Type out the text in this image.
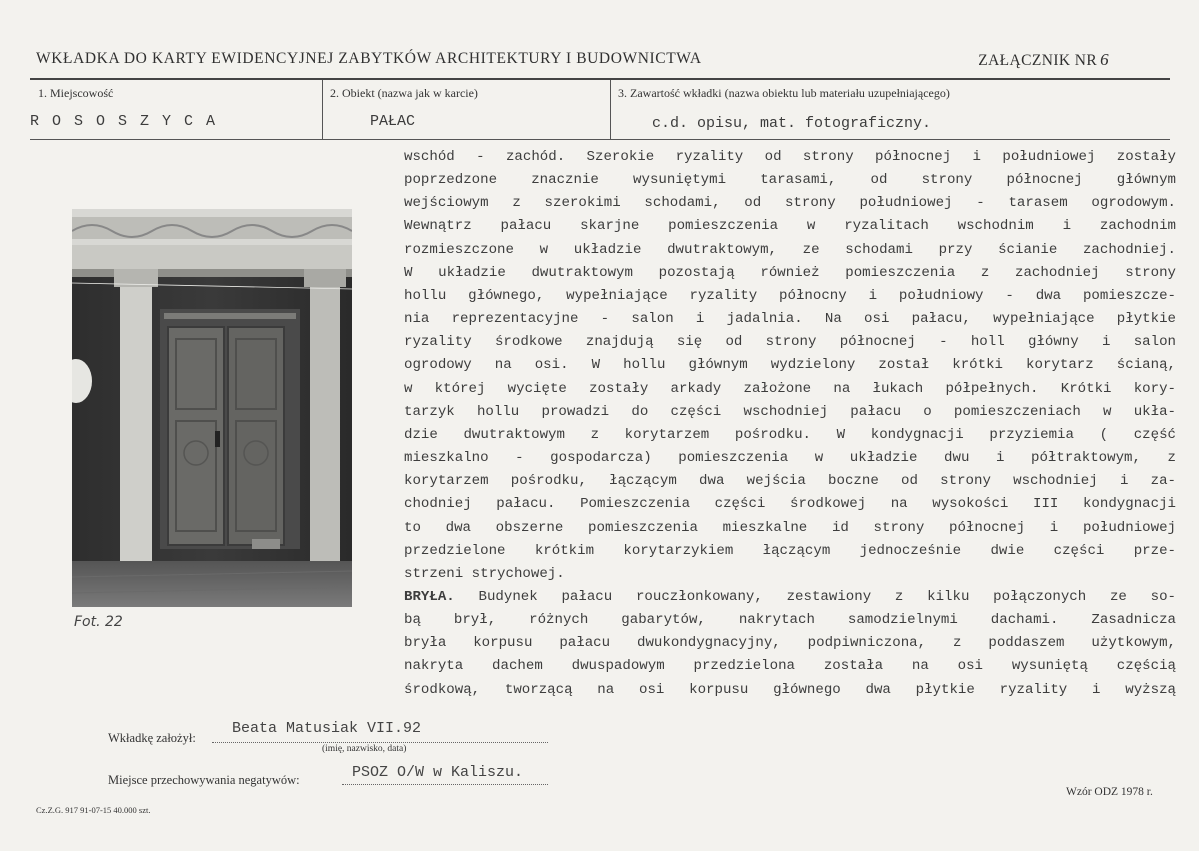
WKŁADKA DO KARTY EWIDENCYJNEJ ZABYTKÓW ARCHITEKTURY I BUDOWNICTWA	ZAŁĄCZNIK NR 6
1. Miejscowość
R O S O S Z Y C A
2. Obiekt (nazwa jak w karcie)
PAŁAC
3. Zawartość wkładki (nazwa obiektu lub materiału uzupełniającego)
c.d. opisu, mat. fotograficzny.
Fot. 22
wschód - zachód. Szerokie ryzality od strony północnej i południowej zostały
poprzedzone znacznie wysuniętymi tarasami, od strony północnej głównym
wejściowym z szerokimi schodami, od strony południowej - tarasem ogrodowym.
Wewnątrz pałacu skarjne pomieszczenia w ryzalitach wschodnim i zachodnim
rozmieszczone w układzie dwutraktowym, ze schodami przy ścianie zachodniej.
W układzie dwutraktowym pozostają również pomieszczenia z zachodniej strony
hollu głównego, wypełniające ryzality północny i południowy - dwa pomieszcze-
nia reprezentacyjne - salon i jadalnia. Na osi pałacu, wypełniające płytkie
ryzality środkowe znajdują się od strony północnej - holl główny i salon
ogrodowy na osi. W hollu głównym wydzielony został krótki korytarz ścianą,
w której wycięte zostały arkady założone na łukach półpełnych. Krótki kory-
tarzyk hollu prowadzi do części wschodniej pałacu o pomieszczeniach w ukła-
dzie dwutraktowym z korytarzem pośrodku. W kondygnacji przyziemia ( część
mieszkalno - gospodarcza) pomieszczenia w układzie dwu i półtraktowym, z
korytarzem pośrodku, łączącym dwa wejścia boczne od strony wschodniej i za-
chodniej pałacu. Pomieszczenia części środkowej na wysokości III kondygnacji
to dwa obszerne pomieszczenia mieszkalne id strony północnej i południowej
przedzielone krótkim korytarzykiem łączącym jednocześnie dwie części prze-
strzeni strychowej.
BRYŁA. Budynek pałacu rouczłonkowany, zestawiony z kilku połączonych ze so-
bą brył, różnych gabarytów, nakrytach samodzielnymi dachami. Zasadnicza
bryła korpusu pałacu dwukondygnacyjny, podpiwniczona, z poddaszem użytkowym,
nakryta dachem dwuspadowym przedzielona została na osi wysuniętą częścią
środkową, tworzącą na osi korpusu głównego dwa płytkie ryzality i wyższą
Wkładkę założył:
Beata Matusiak VII.92
(imię, nazwisko, data)
Miejsce przechowywania negatywów:	PSOZ O/W w Kaliszu.
Wzór ODZ 1978 r.
Cz.Z.G. 917 91-07-15 40.000 szt.
